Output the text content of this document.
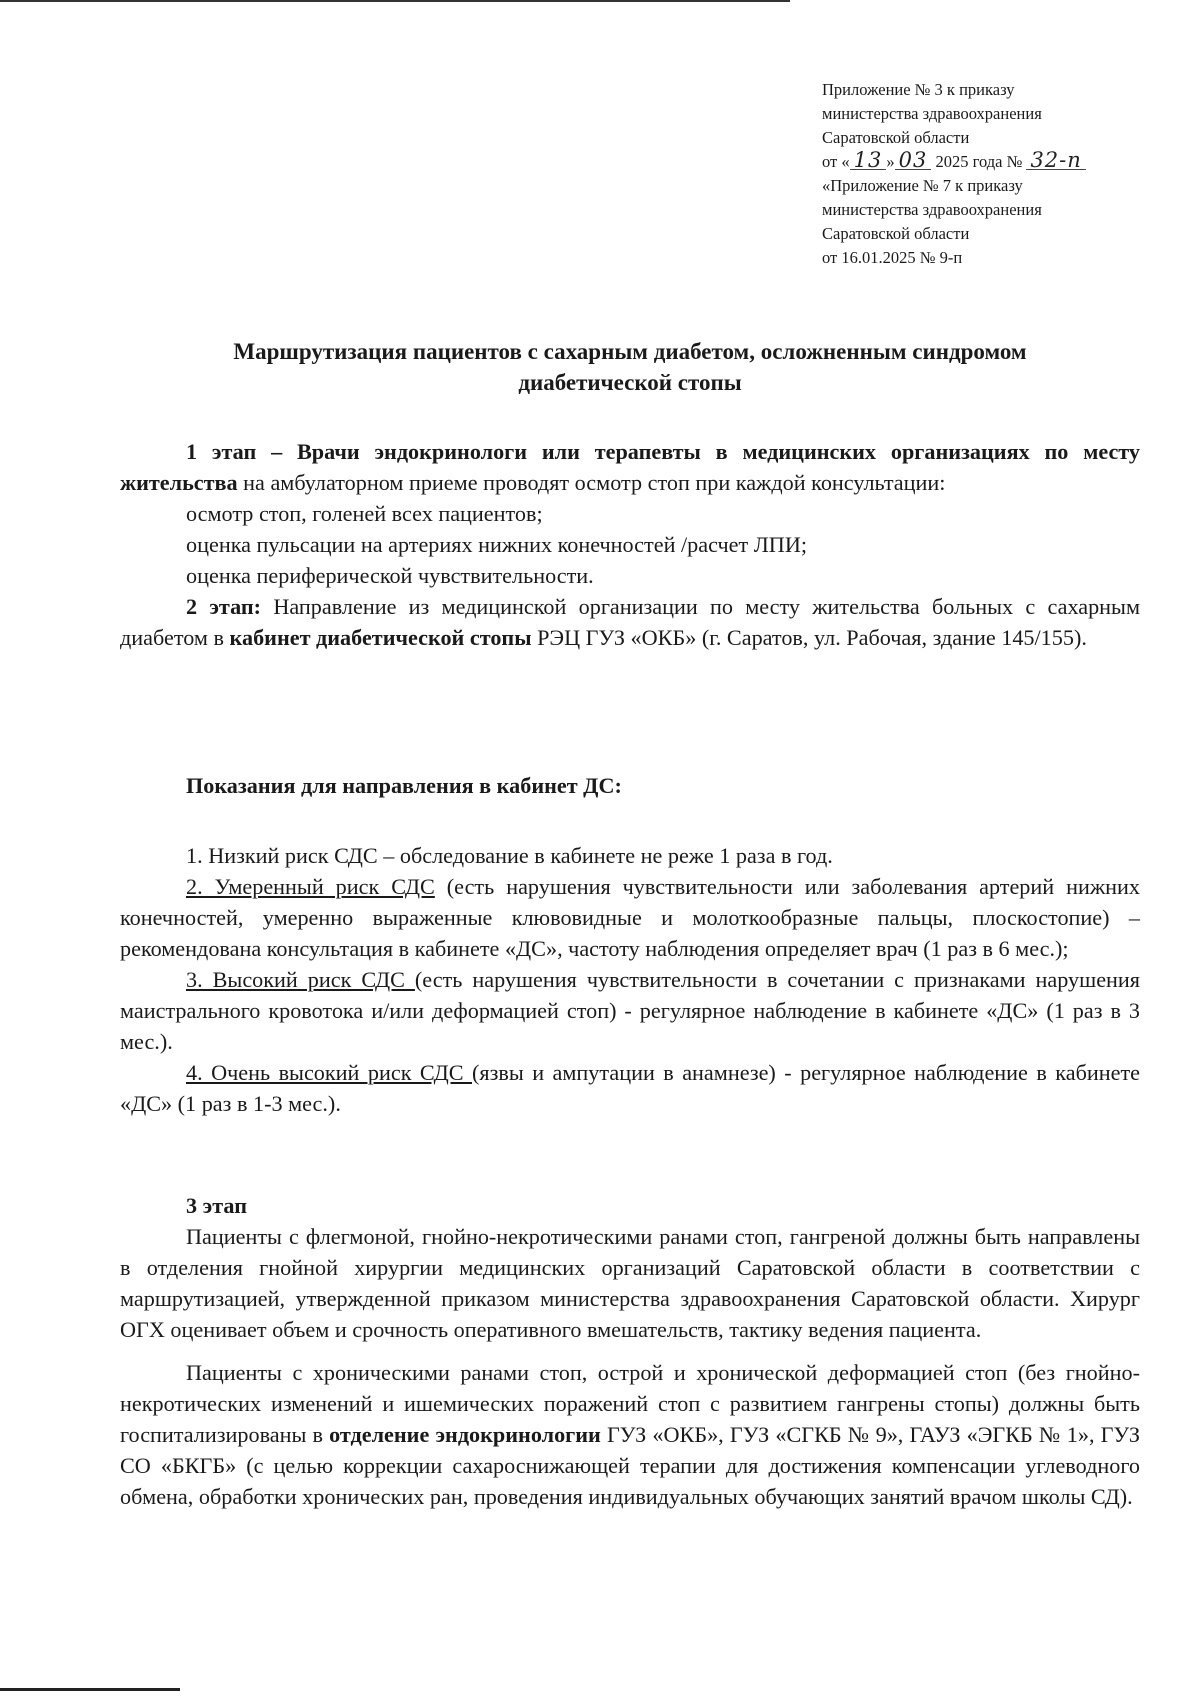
Приложение № 3 к приказу
министерства здравоохранения
Саратовской области
от « 13 » 03 2025 года № 32-п
«Приложение № 7 к приказу
министерства здравоохранения
Саратовской области
от 16.01.2025 № 9-п
Маршрутизация пациентов с сахарным диабетом, осложненным синдромом
диабетической стопы
1 этап – Врачи эндокринологи или терапевты в медицинских организациях по месту жительства на амбулаторном приеме проводят осмотр стоп при каждой консультации:
осмотр стоп, голеней всех пациентов;
оценка пульсации на артериях нижних конечностей /расчет ЛПИ;
оценка периферической чувствительности.
2 этап: Направление из медицинской организации по месту жительства больных с сахарным диабетом в кабинет диабетической стопы РЭЦ ГУЗ «ОКБ» (г. Саратов, ул. Рабочая, здание 145/155).
Показания для направления в кабинет ДС:
1. Низкий риск СДС – обследование в кабинете не реже 1 раза в год.
2. Умеренный риск СДС (есть нарушения чувствительности или заболевания артерий нижних конечностей, умеренно выраженные клювовидные и молоткообразные пальцы, плоскостопие) – рекомендована консультация в кабинете «ДС», частоту наблюдения определяет врач (1 раз в 6 мес.);
3. Высокий риск СДС (есть нарушения чувствительности в сочетании с признаками нарушения маистрального кровотока и/или деформацией стоп) - регулярное наблюдение в кабинете «ДС» (1 раз в 3 мес.).
4. Очень высокий риск СДС (язвы и ампутации в анамнезе) - регулярное наблюдение в кабинете «ДС» (1 раз в 1-3 мес.).
3 этап
Пациенты с флегмоной, гнойно-некротическими ранами стоп, гангреной должны быть направлены в отделения гнойной хирургии медицинских организаций Саратовской области в соответствии с маршрутизацией, утвержденной приказом министерства здравоохранения Саратовской области. Хирург ОГХ оценивает объем и срочность оперативного вмешательств, тактику ведения пациента.
Пациенты с хроническими ранами стоп, острой и хронической деформацией стоп (без гнойно-некротических изменений и ишемических поражений стоп с развитием гангрены стопы) должны быть госпитализированы в отделение эндокринологии ГУЗ «ОКБ», ГУЗ «СГКБ № 9», ГАУЗ «ЭГКБ № 1», ГУЗ СО «БКГБ» (с целью коррекции сахароснижающей терапии для достижения компенсации углеводного обмена, обработки хронических ран, проведения индивидуальных обучающих занятий врачом школы СД).
